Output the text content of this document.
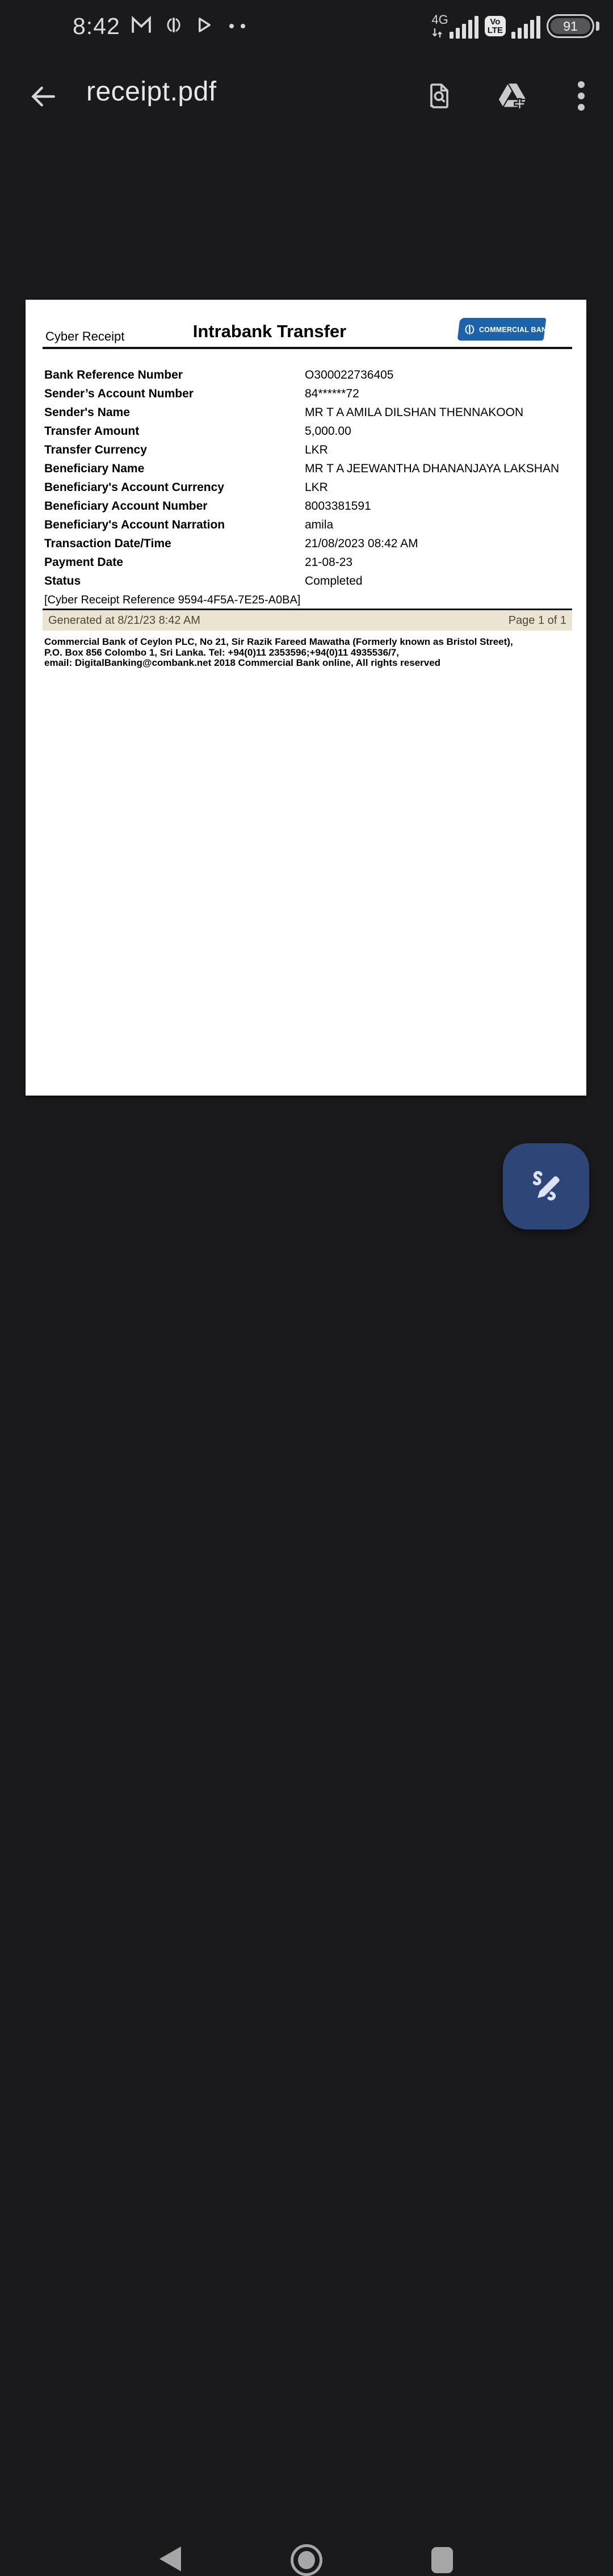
8:42	4G	Vo
LTE	91
receipt.pdf
Cyber Receipt	Intrabank Transfer	COMMERCIAL BANK
Bank Reference Number	O300022736405
Sender’s Account Number	84******72
Sender's Name	MR T A AMILA DILSHAN THENNAKOON
Transfer Amount	5,000.00
Transfer Currency	LKR
Beneficiary Name	MR T A JEEWANTHA DHANANJAYA LAKSHAN
Beneficiary's Account Currency	LKR
Beneficiary Account Number	8003381591
Beneficiary's Account Narration	amila
Transaction Date/Time	21/08/2023 08:42 AM
Payment Date	21-08-23
Status	Completed
[Cyber Receipt Reference 9594-4F5A-7E25-A0BA]
Generated at 8/21/23 8:42 AM	Page 1 of 1
Commercial Bank of Ceylon PLC, No 21, Sir Razik Fareed Mawatha (Formerly known as Bristol Street),
P.O. Box 856 Colombo 1, Sri Lanka. Tel: +94(0)11 2353596;+94(0)11 4935536/7,
email: DigitalBanking@combank.net 2018 Commercial Bank online, All rights reserved
